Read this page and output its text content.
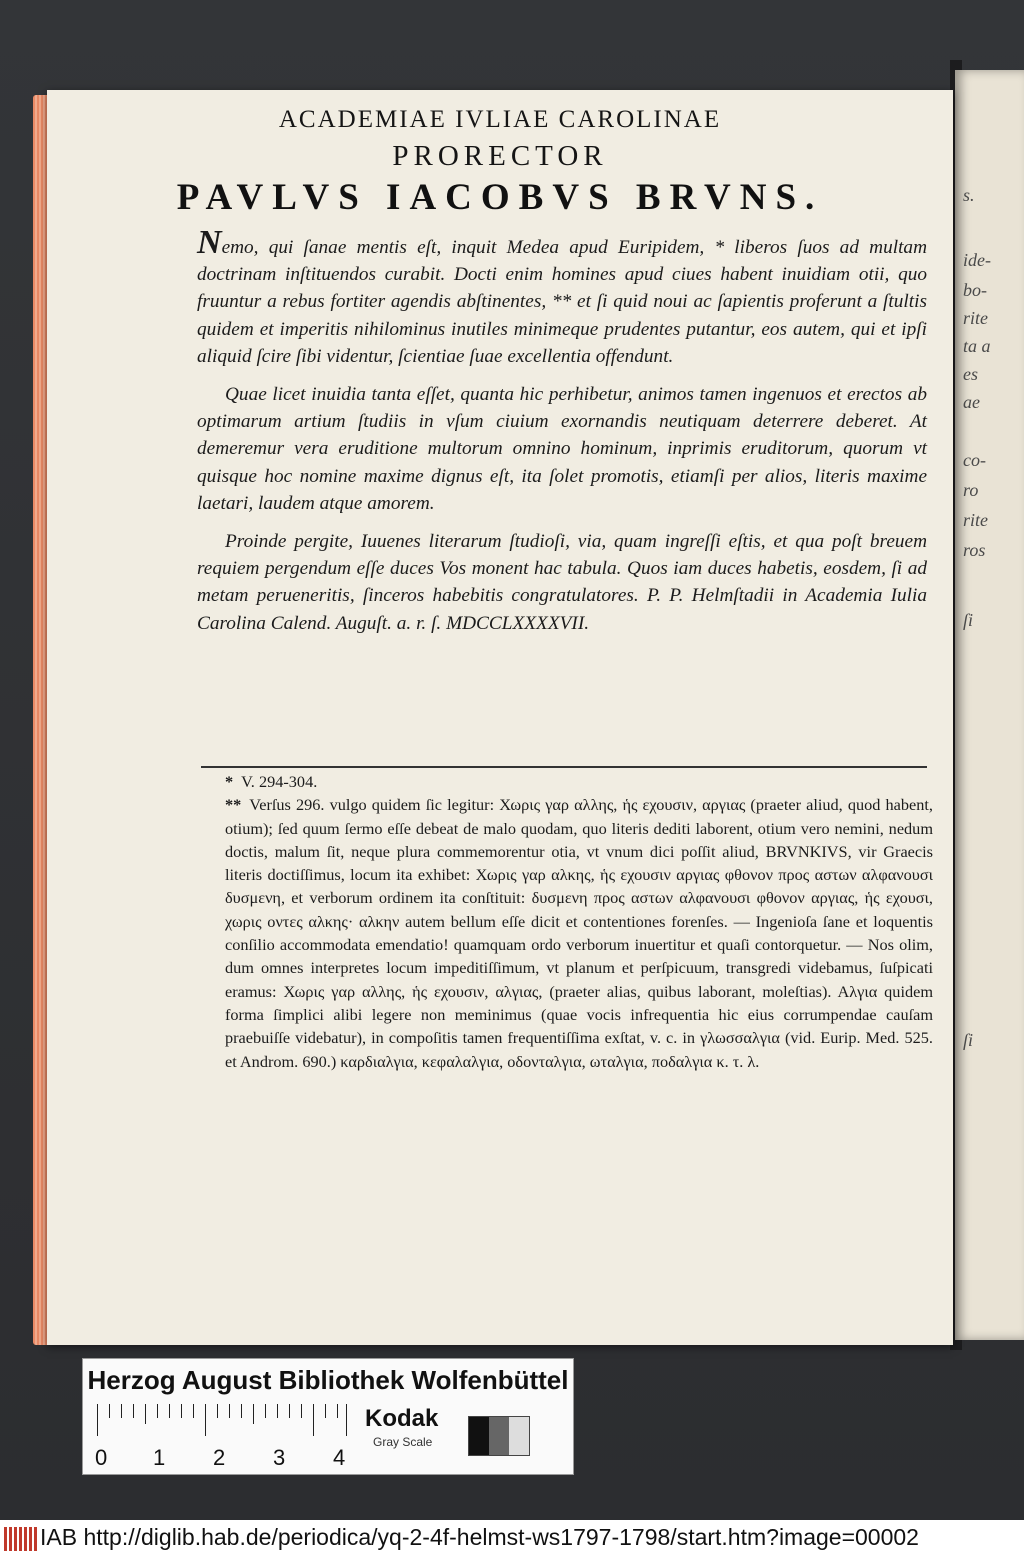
s.
ide-
bo-
rite
ta a
es
ae
co-
ro
rite
ros
ſi
ſi
ACADEMIAE IVLIAE CAROLINAE
PRORECTOR
PAVLVS IACOBVS BRVNS.

Nemo, qui ſanae mentis eſt, inquit Medea apud Euripidem, * liberos ſuos ad multam doctrinam inſtituendos curabit. Docti enim homines apud ciues habent inuidiam otii, quo fruuntur a rebus fortiter agendis abſtinentes, ** et ſi quid noui ac ſapientis proferunt a ſtultis quidem et imperitis nihilominus inutiles minimeque prudentes putantur, eos autem, qui et ipſi aliquid ſcire ſibi videntur, ſcientiae ſuae excellentia offendunt.

Quae licet inuidia tanta eſſet, quanta hic perhibetur, animos tamen ingenuos et erectos ab optimarum artium ſtudiis in vſum ciuium exornandis neutiquam deterrere deberet. At demeremur vera eruditione multorum omnino hominum, inprimis eruditorum, quorum vt quisque hoc nomine maxime dignus eſt, ita ſolet promotis, etiamſi per alios, literis maxime laetari, laudem atque amorem.

Proinde pergite, Iuuenes literarum ſtudioſi, via, quam ingreſſi eſtis, et qua poſt breuem requiem pergendum eſſe duces Vos monent hac tabula. Quos iam duces habetis, eosdem, ſi ad metam perueneritis, ſinceros habebitis congratulatores. P. P. Helmſtadii in Academia Iulia Carolina Calend. Auguſt. a. r. ſ. MDCCLXXXXVII.

* V. 294-304.

** Verſus 296. vulgo quidem ſic legitur: Χωρις γαρ αλλης, ἡς εχουσιν, αργιας (praeter aliud, quod habent, otium); ſed quum ſermo eſſe debeat de malo quodam, quo literis dediti laborent, otium vero nemini, nedum doctis, malum ſit, neque plura commemorentur otia, vt vnum dici poſſit aliud, BRVNKIVS, vir Graecis literis doctiſſimus, locum ita exhibet: Χωρις γαρ αλκης, ἡς εχουσιν αργιας φθονον προς αστων αλφανουσι δυσμενη, et verborum ordinem ita conſtituit: δυσμενη προς αστων αλφανουσι φθονον αργιας, ἡς εχουσι, χωρις οντες αλκης· αλκην autem bellum eſſe dicit et contentiones forenſes. — Ingenioſa ſane et loquentis conſilio accommodata emendatio! quamquam ordo verborum inuertitur et quaſi contorquetur. — Nos olim, dum omnes interpretes locum impeditiſſimum, vt planum et perſpicuum, transgredi videbamus, ſuſpicati eramus: Χωρις γαρ αλλης, ἡς εχουσιν, αλγιας, (praeter alias, quibus laborant, moleſtias). Αλγια quidem forma ſimplici alibi legere non meminimus (quae vocis infrequentia hic eius corrumpendae cauſam praebuiſſe videbatur), in compoſitis tamen frequentiſſima exſtat, v. c. in γλωσσαλγια (vid. Eurip. Med. 525. et Androm. 690.) καρδιαλγια, κεφαλαλγια, οδονταλγια, ωταλγια, ποδαλγια κ. τ. λ.

Herzog August Bibliothek Wolfenbüttel
0 1 2 3 4
Kodak
Gray Scale
IAB http://diglib.hab.de/periodica/yq-2-4f-helmst-ws1797-1798/start.htm?image=00002
